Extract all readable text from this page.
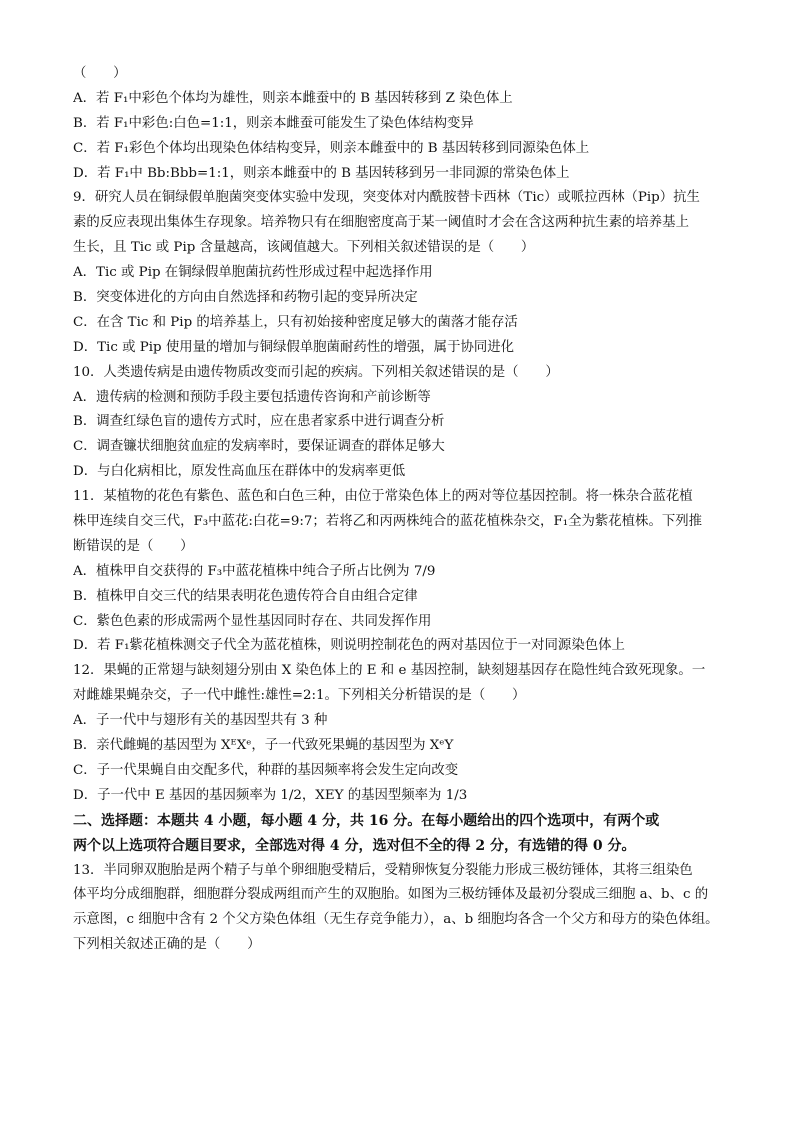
（　　）
A．若 F₁中彩色个体均为雄性，则亲本雌蚕中的 B 基因转移到 Z 染色体上
B．若 F₁中彩色:白色=1:1，则亲本雌蚕可能发生了染色体结构变异
C．若 F₁彩色个体均出现染色体结构变异，则亲本雌蚕中的 B 基因转移到同源染色体上
D．若 F₁中 Bb:Bbb=1:1，则亲本雌蚕中的 B 基因转移到另一非同源的常染色体上
9．研究人员在铜绿假单胞菌突变体实验中发现，突变体对内酰胺替卡西林（Tic）或哌拉西林（Pip）抗生
素的反应表现出集体生存现象。培养物只有在细胞密度高于某一阈值时才会在含这两种抗生素的培养基上
生长，且 Tic 或 Pip 含量越高，该阈值越大。下列相关叙述错误的是（　　）
A．Tic 或 Pip 在铜绿假单胞菌抗药性形成过程中起选择作用
B．突变体进化的方向由自然选择和药物引起的变异所决定
C．在含 Tic 和 Pip 的培养基上，只有初始接种密度足够大的菌落才能存活
D．Tic 或 Pip 使用量的增加与铜绿假单胞菌耐药性的增强，属于协同进化
10．人类遗传病是由遗传物质改变而引起的疾病。下列相关叙述错误的是（　　）
A．遗传病的检测和预防手段主要包括遗传咨询和产前诊断等
B．调查红绿色盲的遗传方式时，应在患者家系中进行调查分析
C．调查镰状细胞贫血症的发病率时，要保证调查的群体足够大
D．与白化病相比，原发性高血压在群体中的发病率更低
11．某植物的花色有紫色、蓝色和白色三种，由位于常染色体上的两对等位基因控制。将一株杂合蓝花植
株甲连续自交三代，F₃中蓝花:白花=9:7；若将乙和丙两株纯合的蓝花植株杂交，F₁全为紫花植株。下列推
断错误的是（　　）
A．植株甲自交获得的 F₃中蓝花植株中纯合子所占比例为 7/9
B．植株甲自交三代的结果表明花色遗传符合自由组合定律
C．紫色色素的形成需两个显性基因同时存在、共同发挥作用
D．若 F₁紫花植株测交子代全为蓝花植株，则说明控制花色的两对基因位于一对同源染色体上
12．果蝇的正常翅与缺刻翅分别由 X 染色体上的 E 和 e 基因控制，缺刻翅基因存在隐性纯合致死现象。一
对雌雄果蝇杂交，子一代中雌性:雄性=2:1。下列相关分析错误的是（　　）
A．子一代中与翅形有关的基因型共有 3 种
B．亲代雌蝇的基因型为 XᴱXᵉ，子一代致死果蝇的基因型为 XᵉY
C．子一代果蝇自由交配多代，种群的基因频率将会发生定向改变
D．子一代中 E 基因的基因频率为 1/2，XEY 的基因型频率为 1/3
二、选择题：本题共 4 小题，每小题 4 分，共 16 分。在每小题给出的四个选项中，有两个或
两个以上选项符合题目要求，全部选对得 4 分，选对但不全的得 2 分，有选错的得 0 分。
13．半同卵双胞胎是两个精子与单个卵细胞受精后，受精卵恢复分裂能力形成三极纺锤体，其将三组染色
体平均分成细胞群，细胞群分裂成两组而产生的双胞胎。如图为三极纺锤体及最初分裂成三细胞 a、b、c 的
示意图，c 细胞中含有 2 个父方染色体组（无生存竞争能力），a、b 细胞均各含一个父方和母方的染色体组。
下列相关叙述正确的是（　　）
